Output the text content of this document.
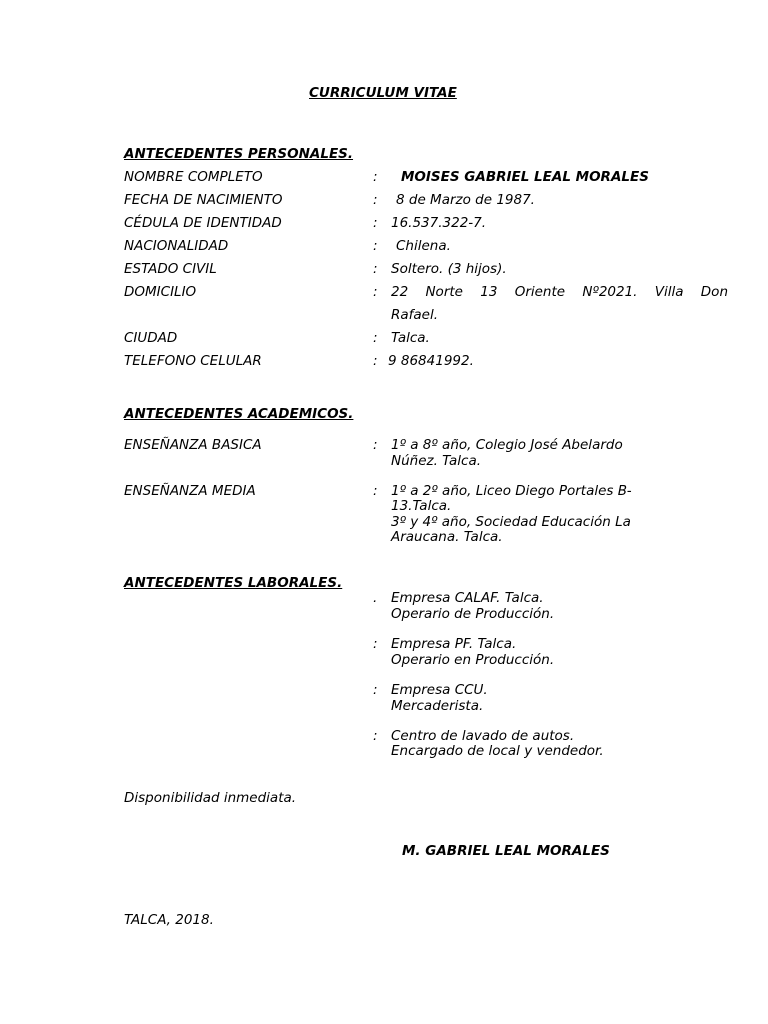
CURRICULUM VITAE
ANTECEDENTES PERSONALES.
NOMBRE COMPLETO	: MOISES GABRIEL LEAL MORALES
FECHA DE NACIMIENTO	: 8 de Marzo de 1987.
CÉDULA DE IDENTIDAD	: 16.537.322-7.
NACIONALIDAD	: Chilena.
ESTADO CIVIL	: Soltero. (3 hijos).
DOMICILIO	: 22 Norte 13 Oriente Nº2021. Villa Don
Rafael.
CIUDAD	: Talca.
TELEFONO CELULAR	: 9 86841992.
ANTECEDENTES ACADEMICOS.
ENSEÑANZA BASICA	: 1º a 8º año, Colegio José Abelardo
Núñez. Talca.
ENSEÑANZA MEDIA	: 1º a 2º año, Liceo Diego Portales B-
13.Talca.
3º y 4º año, Sociedad Educación La
Araucana. Talca.
ANTECEDENTES LABORALES.
. Empresa CALAF. Talca.
Operario de Producción.
: Empresa PF. Talca.
Operario en Producción.
: Empresa CCU.
Mercaderista.
: Centro de lavado de autos.
Encargado de local y vendedor.
Disponibilidad inmediata.
M. GABRIEL LEAL MORALES
TALCA, 2018.
